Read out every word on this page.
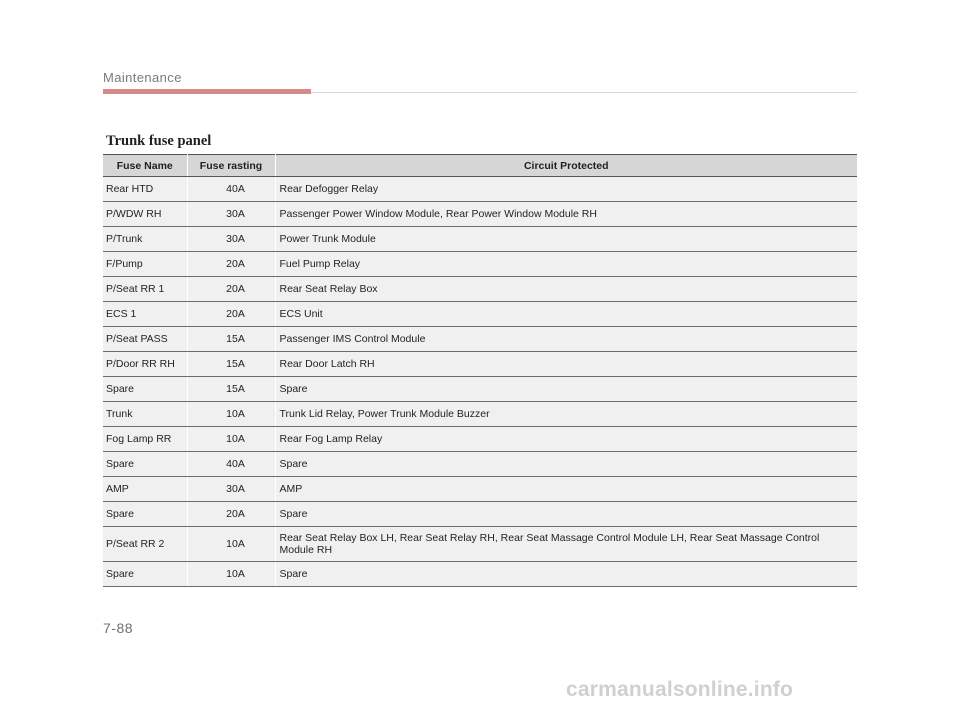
Maintenance
Trunk fuse panel
Fuse Name	Fuse rasting	Circuit Protected
Rear HTD	40A	Rear Defogger Relay
P/WDW RH	30A	Passenger Power Window Module, Rear Power Window Module RH
P/Trunk	30A	Power Trunk Module
F/Pump	20A	Fuel Pump Relay
P/Seat RR 1	20A	Rear Seat Relay Box
ECS 1	20A	ECS Unit
P/Seat PASS	15A	Passenger IMS Control Module
P/Door RR RH	15A	Rear Door Latch RH
Spare	15A	Spare
Trunk	10A	Trunk Lid Relay, Power Trunk Module Buzzer
Fog Lamp RR	10A	Rear Fog Lamp Relay
Spare	40A	Spare
AMP	30A	AMP
Spare	20A	Spare
P/Seat RR 2	10A	Rear Seat Relay Box LH, Rear Seat Relay RH, Rear Seat Massage Control Module LH, Rear Seat Massage Control Module RH
Spare	10A	Spare
7-88
carmanualsonline.info
